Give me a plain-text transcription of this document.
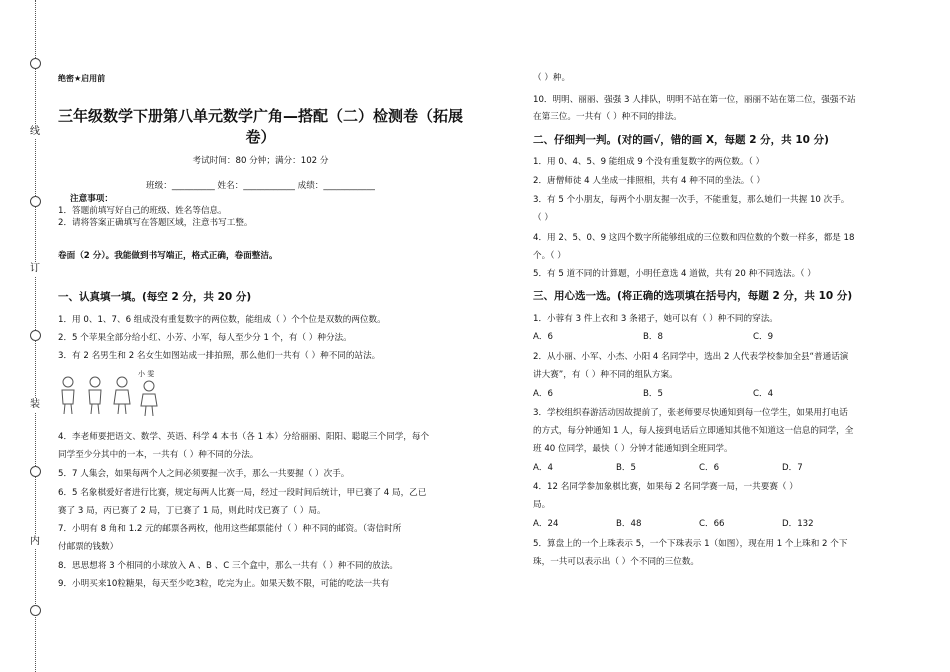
线
订
装
内
绝密★启用前
三年级数学下册第八单元数学广角—搭配（二）检测卷（拓展卷）
考试时间：80 分钟；满分：102 分
班级：__________ 姓名：____________ 成绩：____________
注意事项：
1．答题前填写好自己的班级、姓名等信息。
2．请将答案正确填写在答题区域，注意书写工整。
卷面（2 分）。我能做到书写端正，格式正确，卷面整洁。
一、认真填一填。(每空 2 分，共 20 分)
1．用 0、1、7、6 组成没有重复数字的两位数，能组成（ ）个个位是双数的两位数。
2．5 个苹果全部分给小红、小芳、小军，每人至少分 1 个，有（ ）种分法。
3．有 2 名男生和 2 名女生如图站成一排拍照，那么他们一共有（ ）种不同的站法。
小 雯
4．李老师要把语文、数学、英语、科学 4 本书（各 1 本）分给丽丽、阳阳、聪聪三个同学，每个
同学至少分其中的一本，一共有（ ）种不同的分法。
5．7 人集会，如果每两个人之间必须要握一次手，那么一共要握（ ）次手。
6．5 名象棋爱好者进行比赛，规定每两人比赛一局，经过一段时间后统计，甲已赛了 4 局，乙已
赛了 3 局，丙已赛了 2 局，丁已赛了 1 局，则此时戊已赛了（ ）局。
7．小明有 8 角和 1.2 元的邮票各两枚，他用这些邮票能付（ ）种不同的邮资。（寄信时所
付邮票的钱数）
8．思思想将 3 个相同的小球放入 A 、B 、C 三个盒中，那么一共有（ ）种不同的放法。
9．小明买来10粒糖果，每天至少吃3粒，吃完为止。如果天数不限，可能的吃法一共有
（ ）种。
10．明明、丽丽、强强 3 人排队，明明不站在第一位，丽丽不站在第二位，强强不站
在第三位。一共有（ ）种不同的排法。
二、仔细判一判。(对的画√，错的画 X，每题 2 分，共 10 分)
1．用 0、4、5、9 能组成 9 个没有重复数字的两位数。（ ）
2．唐僧师徒 4 人坐成一排照相，共有 4 种不同的坐法。（ ）
3．有 5 个小朋友，每两个小朋友握一次手，不能重复，那么她们一共握 10 次手。
（ ）
4．用 2、5、0、9 这四个数字所能够组成的三位数和四位数的个数一样多，都是 18
个。（ ）
5．有 5 道不同的计算题，小明任意选 4 道做，共有 20 种不同选法。（ ）
三、用心选一选。(将正确的选项填在括号内，每题 2 分，共 10 分)
1．小蓉有 3 件上衣和 3 条裙子，她可以有（ ）种不同的穿法。
A．6	B．8	C．9
2．从小丽、小军、小杰、小阳 4 名同学中，选出 2 人代表学校参加全县“普通话演
讲大赛”，有（ ）种不同的组队方案。
A．6	B．5	C．4
3．学校组织春游活动因故提前了，张老师要尽快通知到每一位学生，如果用打电话
的方式，每分钟通知 1 人，每人接到电话后立即通知其他不知道这一信息的同学，全
班 40 位同学，最快（ ）分钟才能通知到全班同学。
A．4	B．5	C．6	D．7
4．12 名同学参加象棋比赛，如果每 2 名同学赛一局，一共要赛（ ）
局。
A．24	B．48	C．66	D．132
5．算盘上的一个上珠表示 5，一个下珠表示 1（如图），现在用 1 个上珠和 2 个下
珠，一共可以表示出（ ）个不同的三位数。
